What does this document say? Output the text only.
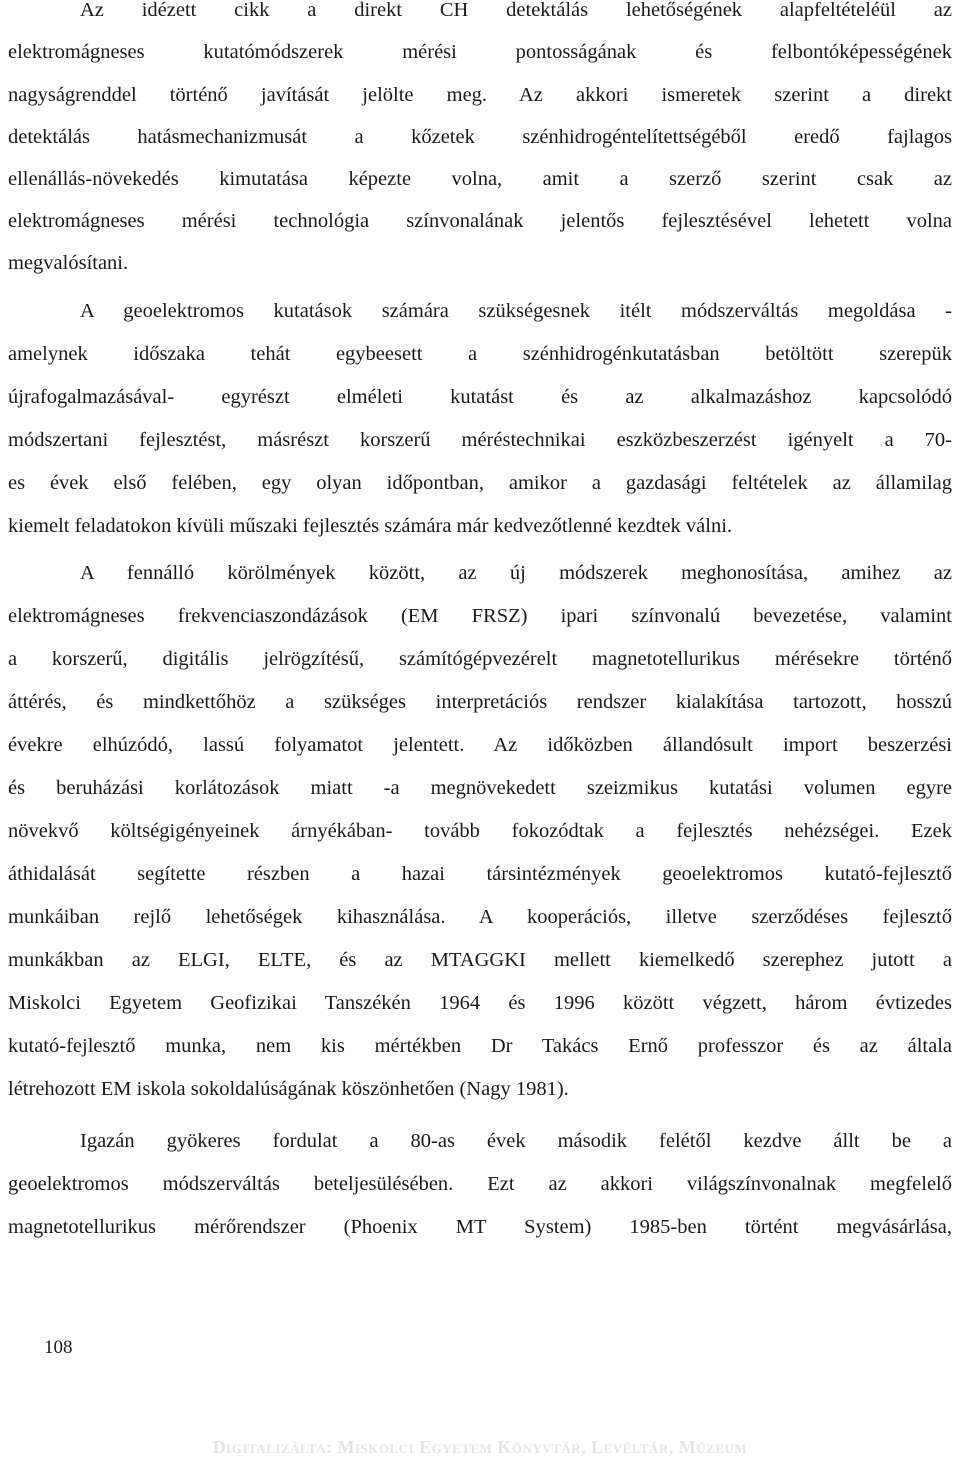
Az idézett cikk a direkt CH detektálás lehetőségének alapfeltételéül az
elektromágneses kutatómódszerek mérési pontosságának és felbontóképességének
nagyságrenddel történő javítását jelölte meg. Az akkori ismeretek szerint a direkt
detektálás hatásmechanizmusát a kőzetek szénhidrogéntelítettségéből eredő fajlagos
ellenállás-növekedés kimutatása képezte volna, amit a szerző szerint csak az
elektromágneses mérési technológia színvonalának jelentős fejlesztésével lehetett volna
megvalósítani.
A geoelektromos kutatások számára szükségesnek itélt módszerváltás megoldása -
amelynek időszaka tehát egybeesett a szénhidrogénkutatásban betöltött szerepük
újrafogalmazásával- egyrészt elméleti kutatást és az alkalmazáshoz kapcsolódó
módszertani fejlesztést, másrészt korszerű méréstechnikai eszközbeszerzést igényelt a 70-
es évek első felében, egy olyan időpontban, amikor a gazdasági feltételek az államilag
kiemelt feladatokon kívüli műszaki fejlesztés számára már kedvezőtlenné kezdtek válni.
A fennálló körölmények között, az új módszerek meghonosítása, amihez az
elektromágneses frekvenciaszondázások (EM FRSZ) ipari színvonalú bevezetése, valamint
a korszerű, digitális jelrögzítésű, számítógépvezérelt magnetotellurikus mérésekre történő
áttérés, és mindkettőhöz a szükséges interpretációs rendszer kialakítása tartozott, hosszú
évekre elhúzódó, lassú folyamatot jelentett. Az időközben állandósult import beszerzési
és beruházási korlátozások miatt -a megnövekedett szeizmikus kutatási volumen egyre
növekvő költségigényeinek árnyékában- tovább fokozódtak a fejlesztés nehézségei. Ezek
áthidalását segítette részben a hazai társintézmények geoelektromos kutató-fejlesztő
munkáiban rejlő lehetőségek kihasználása. A kooperációs, illetve szerződéses fejlesztő
munkákban az ELGI, ELTE, és az MTAGGKI mellett kiemelkedő szerephez jutott a
Miskolci Egyetem Geofizikai Tanszékén 1964 és 1996 között végzett, három évtizedes
kutató-fejlesztő munka, nem kis mértékben Dr Takács Ernő professzor és az általa
létrehozott EM iskola sokoldalúságának köszönhetően (Nagy 1981).
Igazán gyökeres fordulat a 80-as évek második felétől kezdve állt be a
geoelektromos módszerváltás beteljesülésében. Ezt az akkori világszínvonalnak megfelelő
magnetotellurikus mérőrendszer (Phoenix MT System) 1985-ben történt megvásárlása,
108
Digitalizálta: Miskolci Egyetem Könyvtár, Levéltár, Múzeum
